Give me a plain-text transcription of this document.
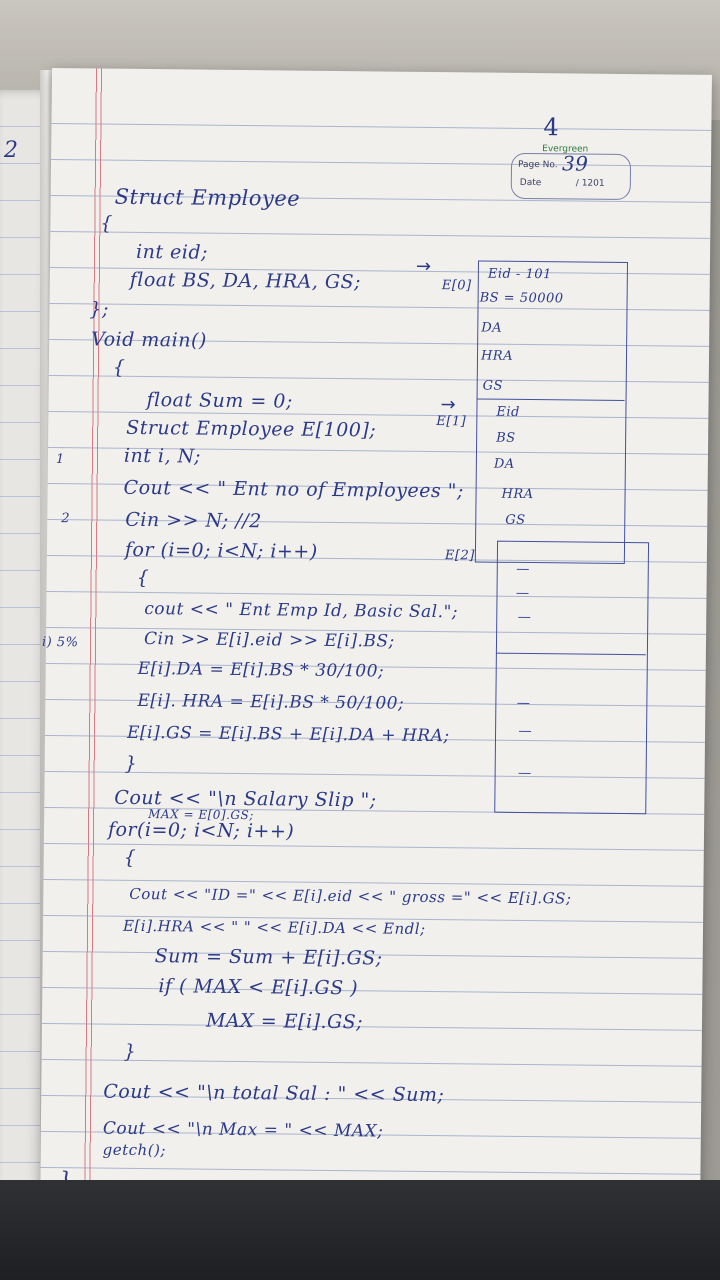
2
4
Evergreen
Page No. 39
Date	/ 1201
1
2
i) 5%
Struct Employee
{
int eid;
float BS, DA, HRA, GS;
};
Void main()
{
float Sum = 0;
Struct Employee E[100];
int i, N;
Cout << " Ent no of Employees ";
Cin >> N; //2
for (i=0; i<N; i++)
{
cout << " Ent Emp Id, Basic Sal.";
Cin >> E[i].eid >> E[i].BS;
E[i].DA = E[i].BS * 30/100;
E[i]. HRA = E[i].BS * 50/100;
E[i].GS = E[i].BS + E[i].DA + HRA;
}
Cout << "\n Salary Slip ";
MAX = E[0].GS;
for(i=0; i<N; i++)
{
Cout << "ID =" << E[i].eid << " gross =" << E[i].GS;
E[i].HRA << " " << E[i].DA << Endl;
Sum = Sum + E[i].GS;
if ( MAX < E[i].GS )
MAX = E[i].GS;
}
Cout << "\n total Sal : " << Sum;
Cout << "\n Max = " << MAX;
getch();
→
E[0]
Eid - 101
BS = 50000
DA
HRA
GS
→
E[1]
Eid
BS
DA
HRA
GS
E[2]
